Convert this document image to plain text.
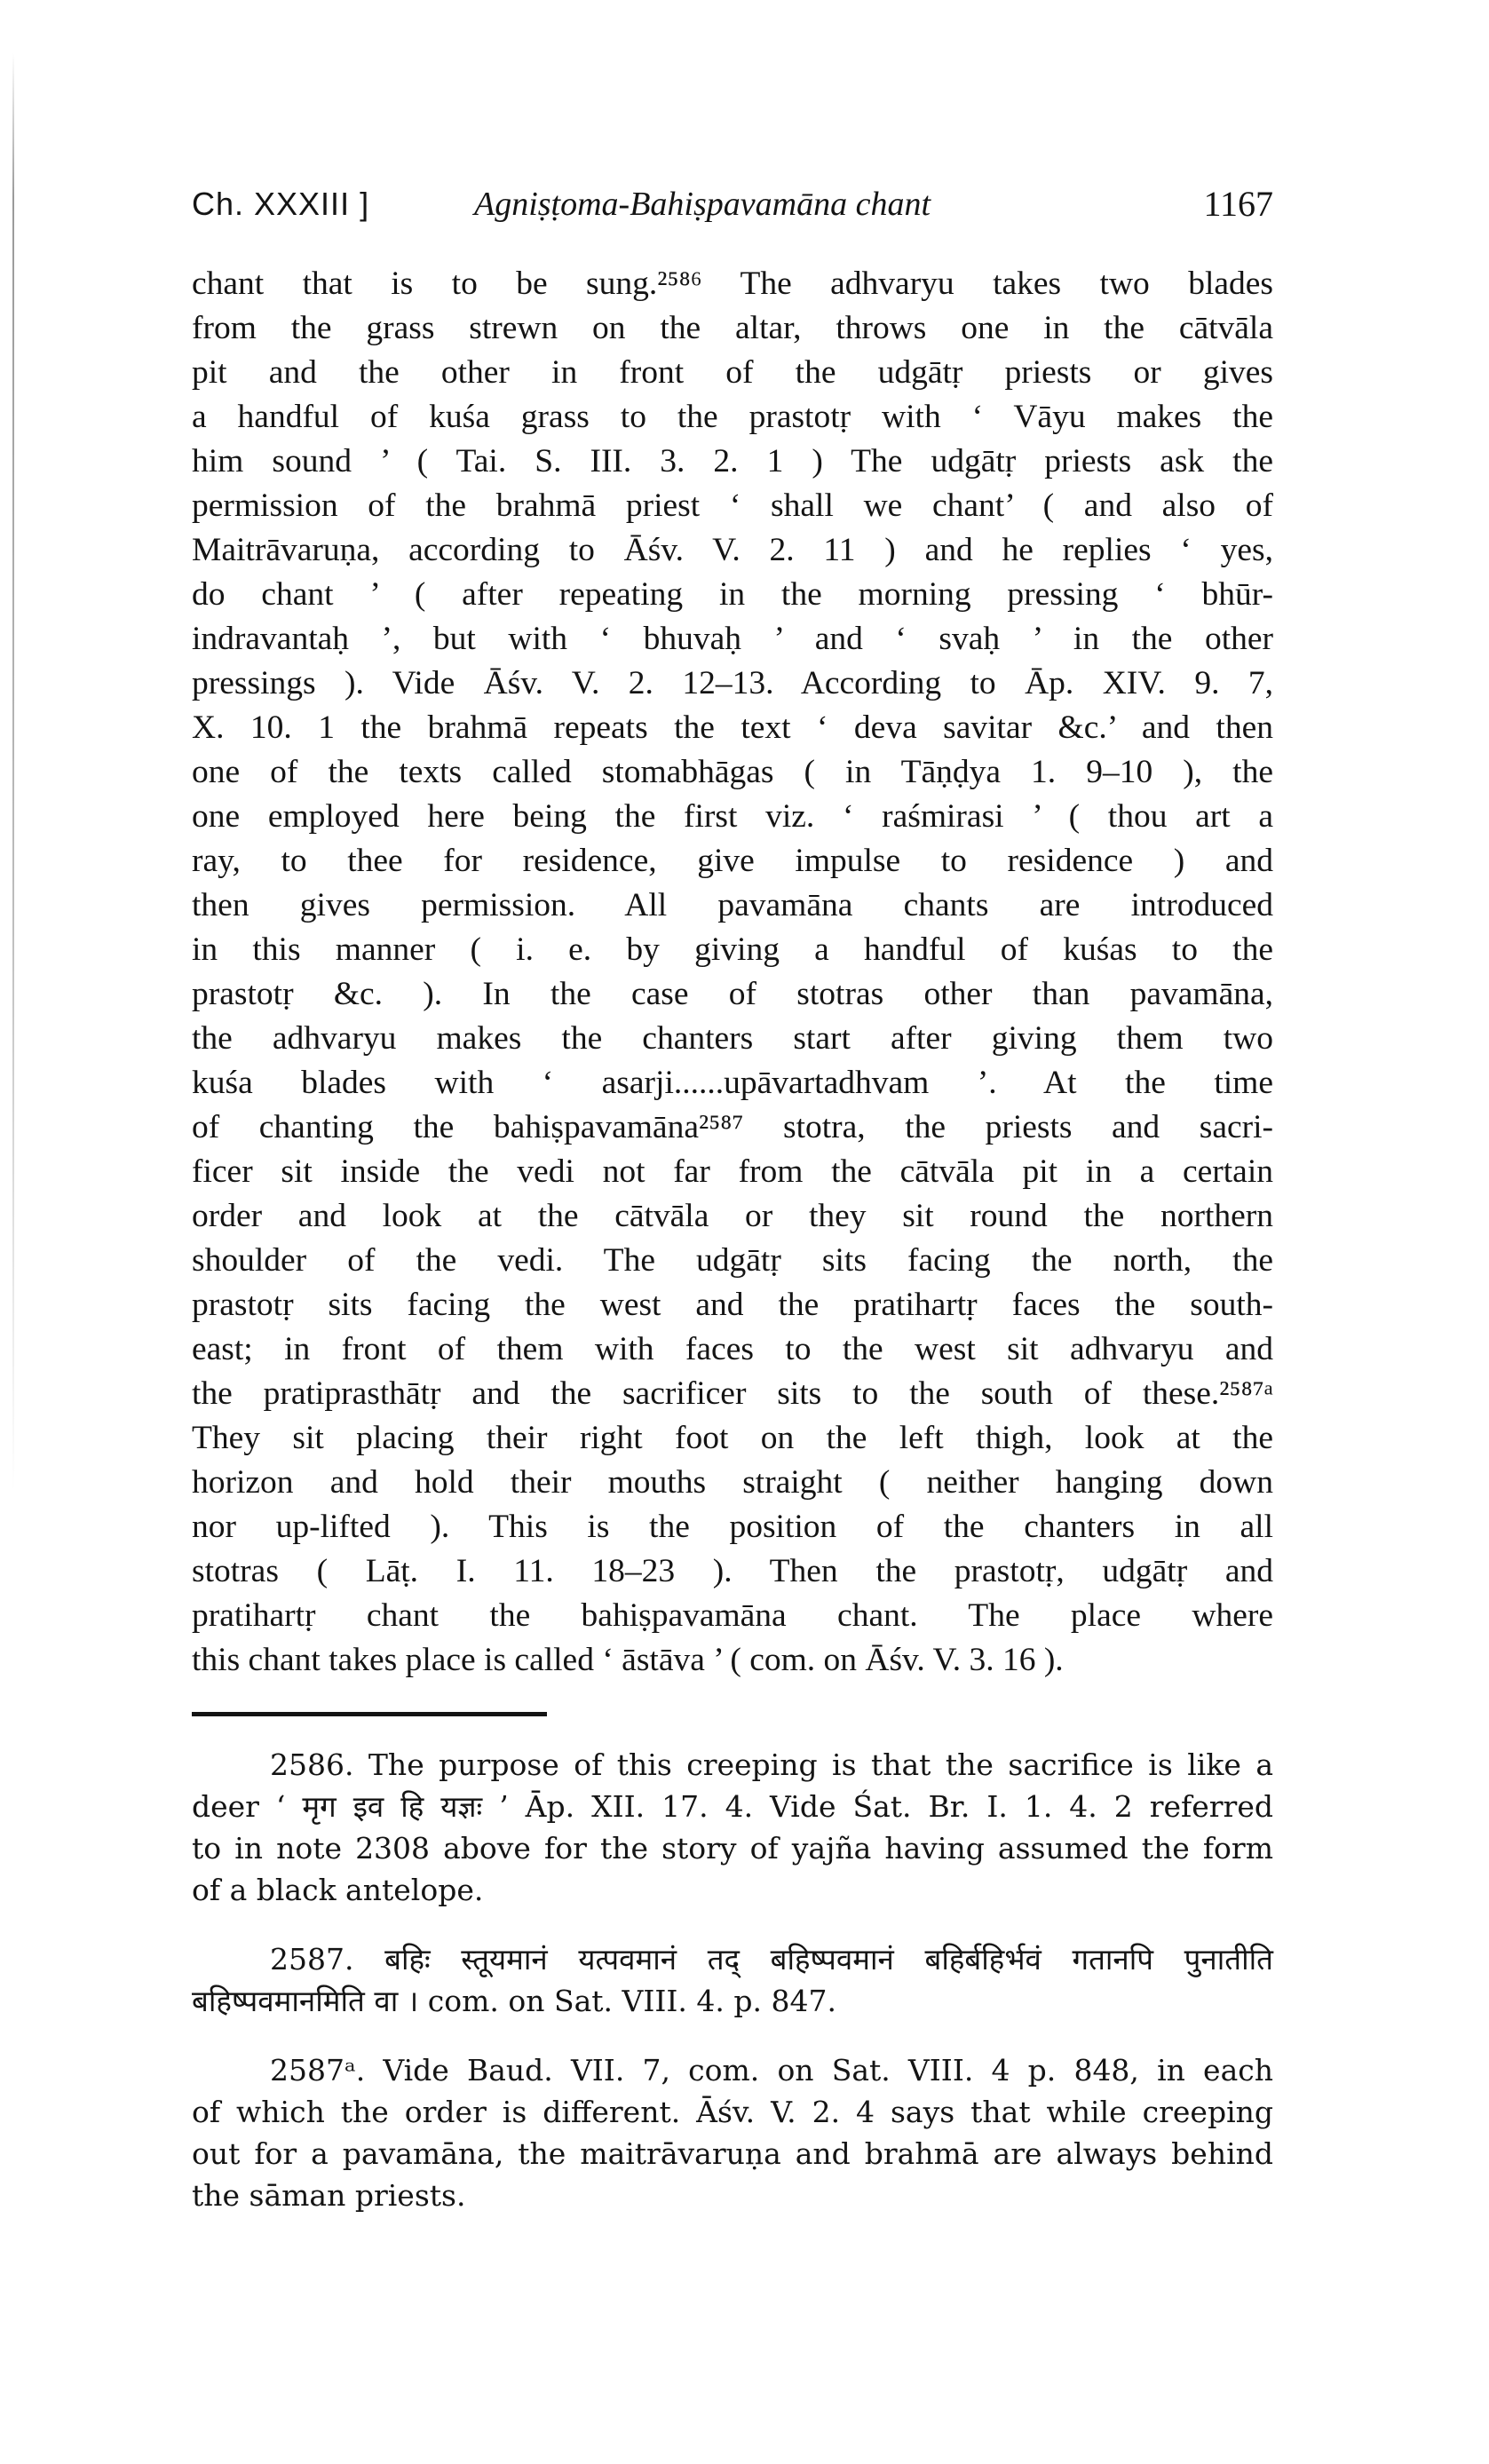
Ch. XXXIII ]	Agniṣṭoma-Bahiṣpavamāna chant	1167
chant that is to be sung.²⁵⁸⁶ The adhvaryu takes two blades
from the grass strewn on the altar, throws one in the cātvāla
pit and the other in front of the udgātṛ priests or gives
a handful of kuśa grass to the prastotṛ with ‘ Vāyu makes the
him sound ’ ( Tai. S. III. 3. 2. 1 ) The udgātṛ priests ask the
permission of the brahmā priest ‘ shall we chant’ ( and also of
Maitrāvaruṇa, according to Āśv. V. 2. 11 ) and he replies ‘ yes,
do chant ’ ( after repeating in the morning pressing ‘ bhūr-
indravantaḥ ’, but with ‘ bhuvaḥ ’ and ‘ svaḥ ’ in the other
pressings ). Vide Āśv. V. 2. 12–13. According to Āp. XIV. 9. 7,
X. 10. 1 the brahmā repeats the text ‘ deva savitar &c.’ and then
one of the texts called stomabhāgas ( in Tāṇḍya 1. 9–10 ), the
one employed here being the first viz. ‘ raśmirasi ’ ( thou art a
ray, to thee for residence, give impulse to residence ) and
then gives permission. All pavamāna chants are introduced
in this manner ( i. e. by giving a handful of kuśas to the
prastotṛ &c. ). In the case of stotras other than pavamāna,
the adhvaryu makes the chanters start after giving them two
kuśa blades with ‘ asarji......upāvartadhvam ’. At the time
of chanting the bahiṣpavamāna²⁵⁸⁷ stotra, the priests and sacri-
ficer sit inside the vedi not far from the cātvāla pit in a certain
order and look at the cātvāla or they sit round the northern
shoulder of the vedi. The udgātṛ sits facing the north, the
prastotṛ sits facing the west and the pratihartṛ faces the south-
east; in front of them with faces to the west sit adhvaryu and
the pratiprasthātṛ and the sacrificer sits to the south of these.²⁵⁸⁷ᵃ
They sit placing their right foot on the left thigh, look at the
horizon and hold their mouths straight ( neither hanging down
nor up-lifted ). This is the position of the chanters in all
stotras ( Lāṭ. I. 11. 18–23 ). Then the prastotṛ, udgātṛ and
pratihartṛ chant the bahiṣpavamāna chant. The place where
this chant takes place is called ‘ āstāva ’ ( com. on Āśv. V. 3. 16 ).
2586. The purpose of this creeping is that the sacrifice is like a
deer ‘ मृग इव हि यज्ञः ’ Āp. XII. 17. 4. Vide Śat. Br. I. 1. 4. 2 referred
to in note 2308 above for the story of yajña having assumed the form
of a black antelope.
2587. बहिः स्तूयमानं यत्पवमानं तद् बहिष्पवमानं बहिर्बहिर्भवं गतानपि पुनातीति
बहिष्पवमानमिति वा । com. on Sat. VIII. 4. p. 847.
2587ᵃ. Vide Baud. VII. 7, com. on Sat. VIII. 4 p. 848, in each
of which the order is different. Āśv. V. 2. 4 says that while creeping
out for a pavamāna, the maitrāvaruṇa and brahmā are always behind
the sāman priests.
